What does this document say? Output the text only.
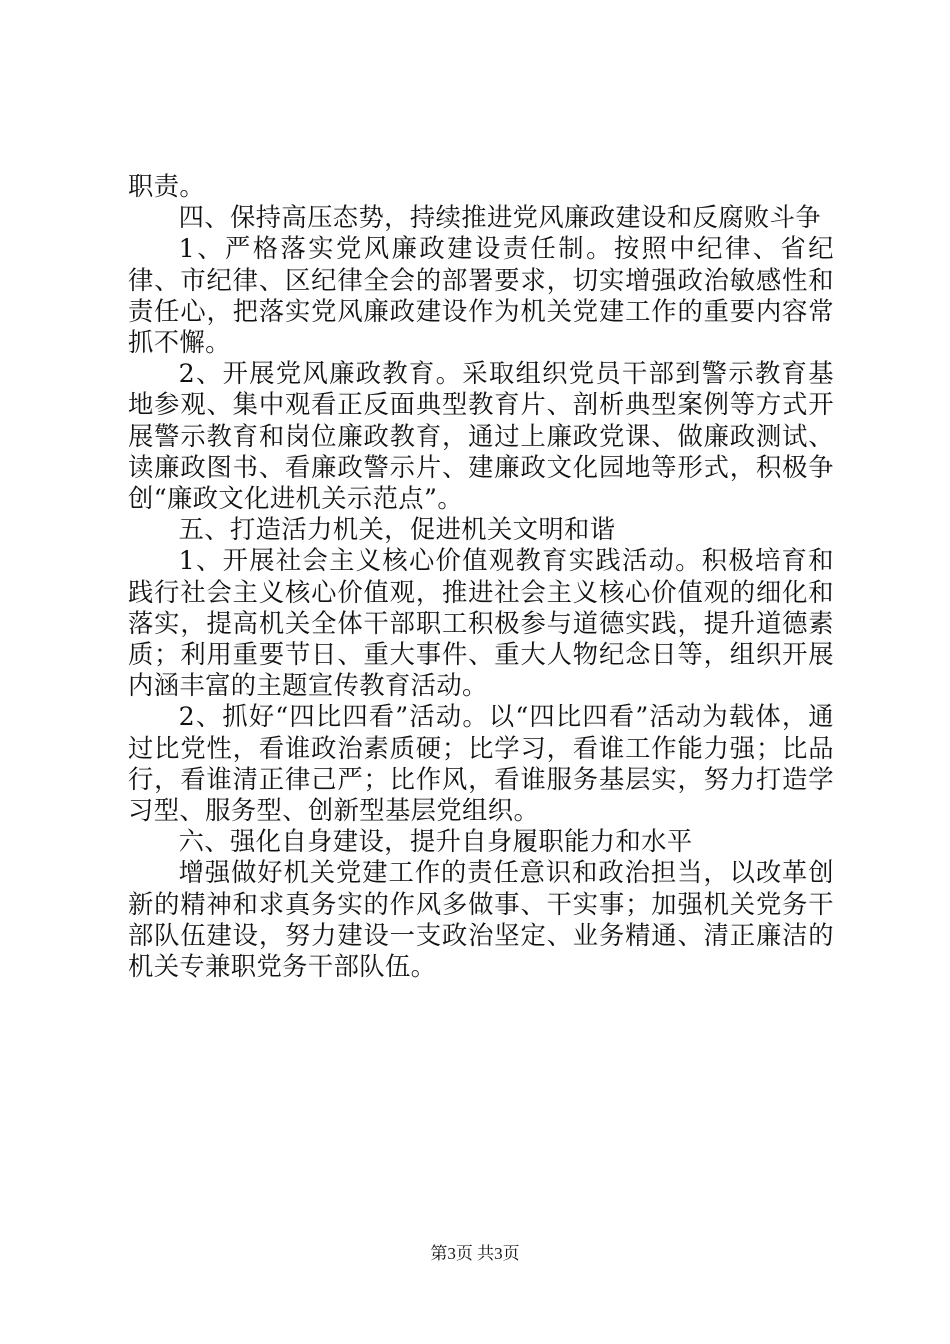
职责。

四、保持高压态势，持续推进党风廉政建设和反腐败斗争

1、严格落实党风廉政建设责任制。按照中纪律、省纪律、市纪律、区纪律全会的部署要求，切实增强政治敏感性和责任心，把落实党风廉政建设作为机关党建工作的重要内容常抓不懈。

2、开展党风廉政教育。采取组织党员干部到警示教育基地参观、集中观看正反面典型教育片、剖析典型案例等方式开展警示教育和岗位廉政教育，通过上廉政党课、做廉政测试、读廉政图书、看廉政警示片、建廉政文化园地等形式，积极争创“廉政文化进机关示范点”。

五、打造活力机关，促进机关文明和谐

1、开展社会主义核心价值观教育实践活动。积极培育和践行社会主义核心价值观，推进社会主义核心价值观的细化和落实，提高机关全体干部职工积极参与道德实践，提升道德素质；利用重要节日、重大事件、重大人物纪念日等，组织开展内涵丰富的主题宣传教育活动。

2、抓好“四比四看”活动。以“四比四看”活动为载体，通过比党性，看谁政治素质硬；比学习，看谁工作能力强；比品行，看谁清正律己严；比作风，看谁服务基层实，努力打造学习型、服务型、创新型基层党组织。

六、强化自身建设，提升自身履职能力和水平

增强做好机关党建工作的责任意识和政治担当，以改革创新的精神和求真务实的作风多做事、干实事；加强机关党务干部队伍建设，努力建设一支政治坚定、业务精通、清正廉洁的机关专兼职党务干部队伍。

第3页 共3页
